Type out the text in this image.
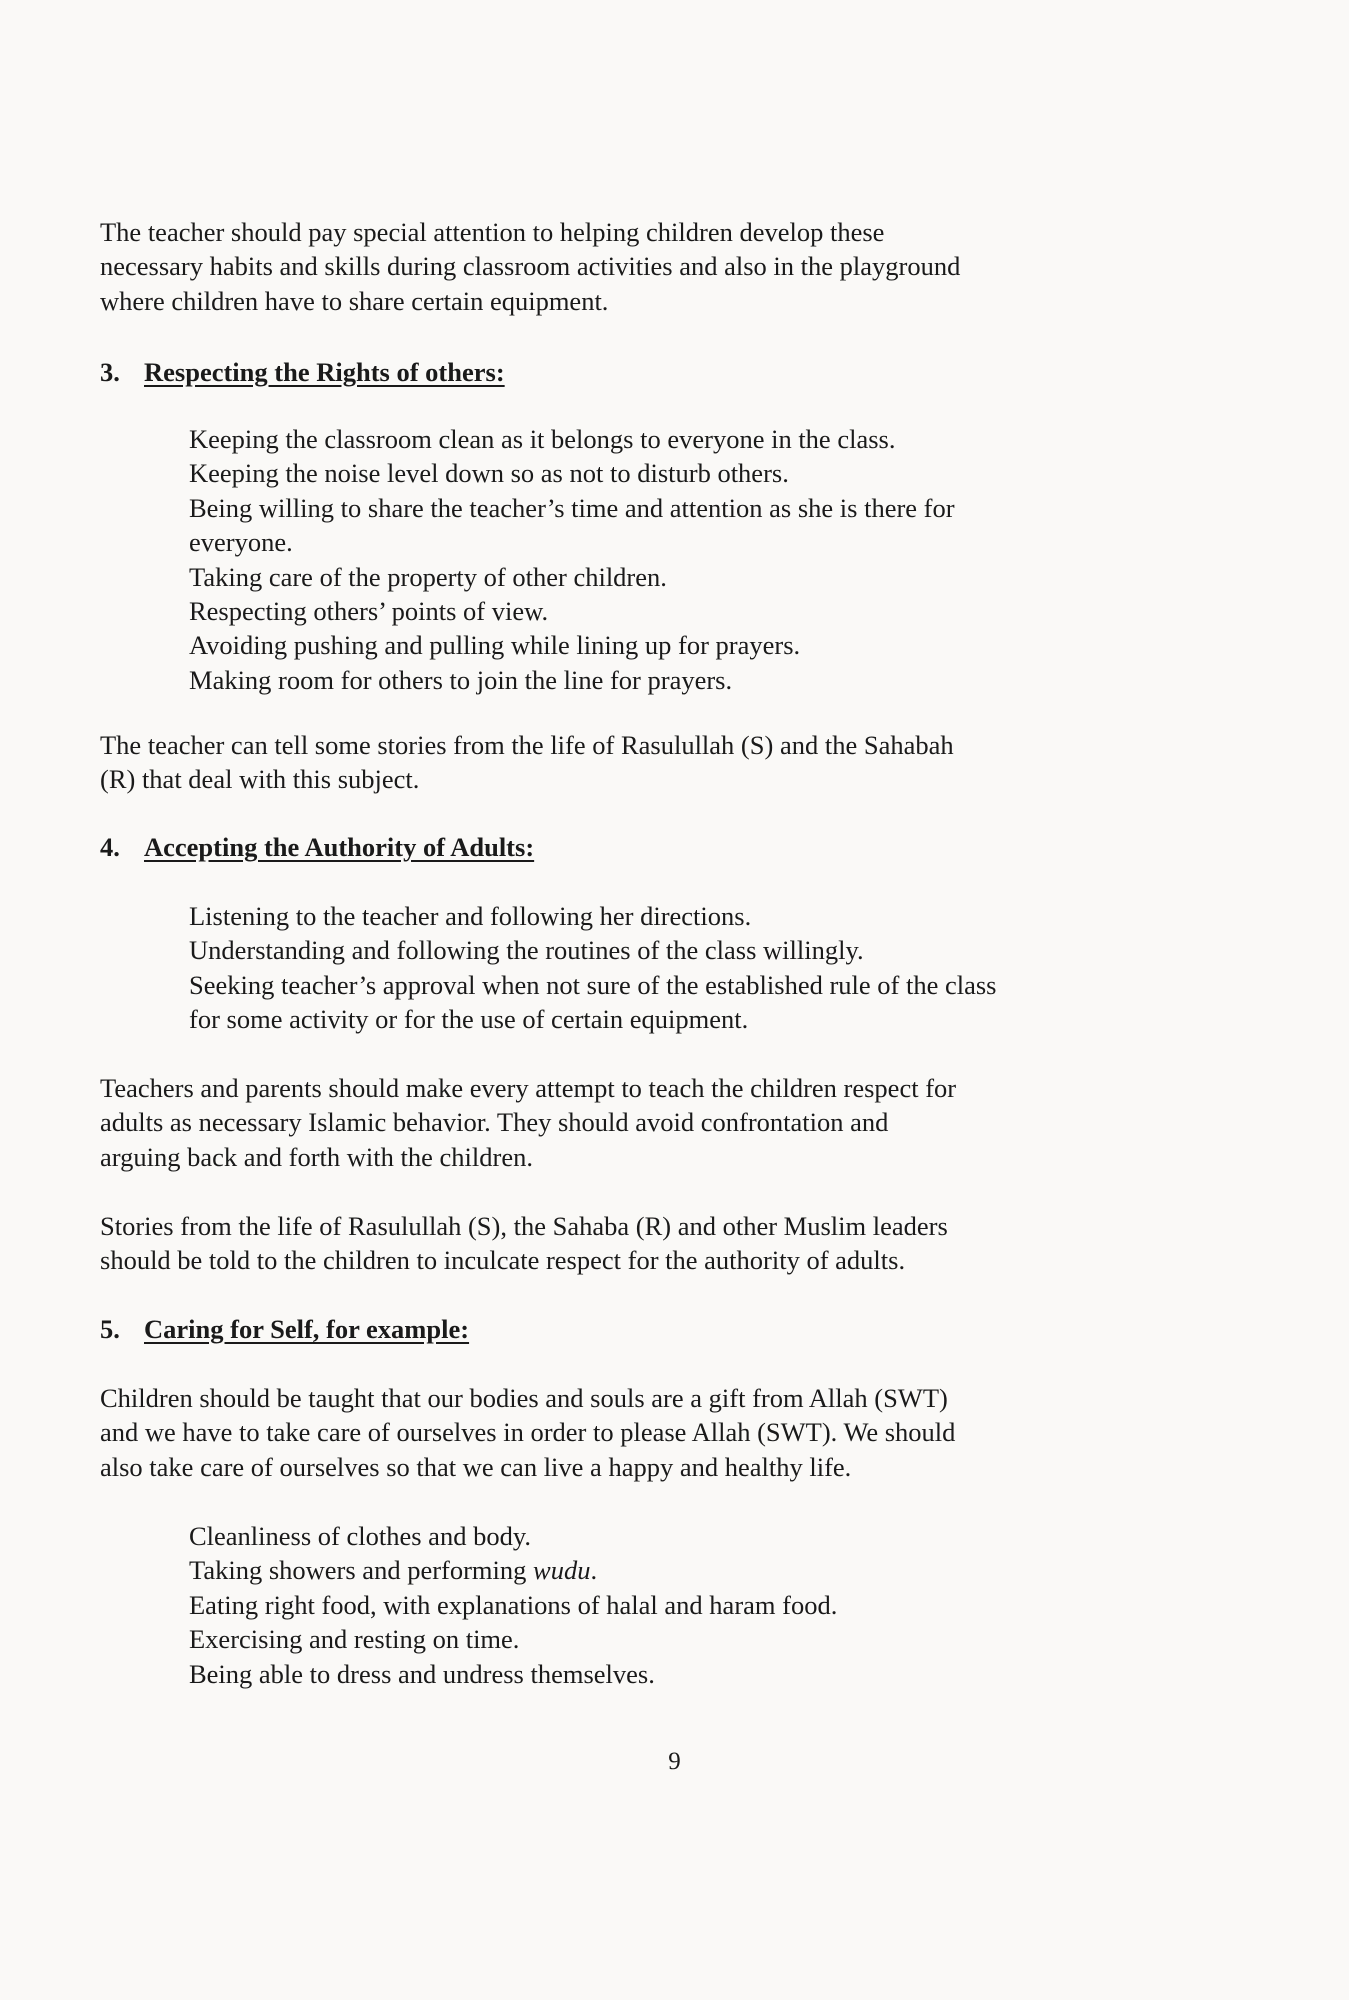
The teacher should pay special attention to helping children develop these
necessary habits and skills during classroom activities and also in the playground
where children have to share certain equipment.

3. Respecting the Rights of others:
Keeping the classroom clean as it belongs to everyone in the class.
Keeping the noise level down so as not to disturb others.
Being willing to share the teacher’s time and attention as she is there for
everyone.
Taking care of the property of other children.
Respecting others’ points of view.
Avoiding pushing and pulling while lining up for prayers.
Making room for others to join the line for prayers.

The teacher can tell some stories from the life of Rasulullah (S) and the Sahabah
(R) that deal with this subject.

4. Accepting the Authority of Adults:
Listening to the teacher and following her directions.
Understanding and following the routines of the class willingly.
Seeking teacher’s approval when not sure of the established rule of the class
for some activity or for the use of certain equipment.

Teachers and parents should make every attempt to teach the children respect for
adults as necessary Islamic behavior. They should avoid confrontation and
arguing back and forth with the children.

Stories from the life of Rasulullah (S), the Sahaba (R) and other Muslim leaders
should be told to the children to inculcate respect for the authority of adults.

5. Caring for Self, for example:

Children should be taught that our bodies and souls are a gift from Allah (SWT)
and we have to take care of ourselves in order to please Allah (SWT). We should
also take care of ourselves so that we can live a happy and healthy life.

Cleanliness of clothes and body.
Taking showers and performing wudu.
Eating right food, with explanations of halal and haram food.
Exercising and resting on time.
Being able to dress and undress themselves.
9
